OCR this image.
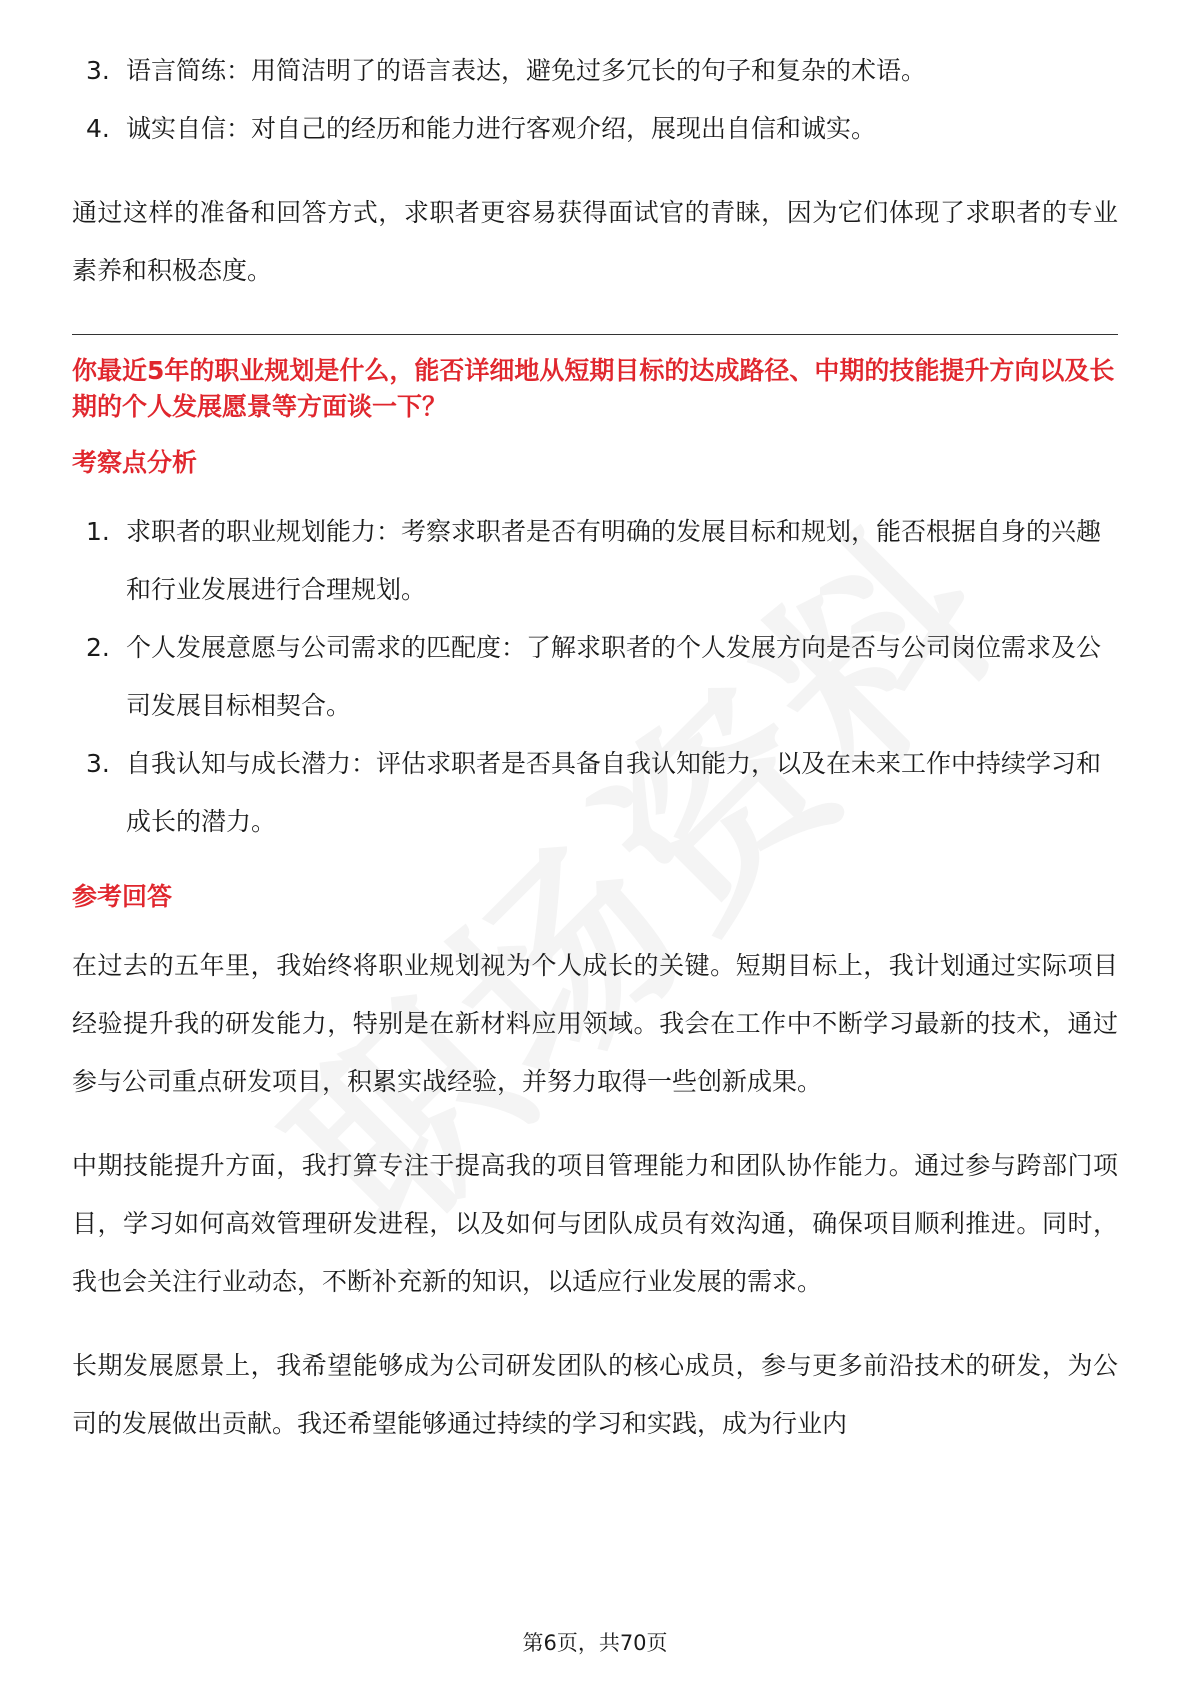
3. 语言简练：用简洁明了的语言表达，避免过多冗长的句子和复杂的术语。
4. 诚实自信：对自己的经历和能力进行客观介绍，展现出自信和诚实。

通过这样的准备和回答方式，求职者更容易获得面试官的青睐，因为它们体现了求职者的专业素养和积极态度。

你最近5年的职业规划是什么，能否详细地从短期目标的达成路径、中期的技能提升方向以及长期的个人发展愿景等方面谈一下？

考察点分析

1. 求职者的职业规划能力：考察求职者是否有明确的发展目标和规划，能否根据自身的兴趣和行业发展进行合理规划。
2. 个人发展意愿与公司需求的匹配度：了解求职者的个人发展方向是否与公司岗位需求及公司发展目标相契合。
3. 自我认知与成长潜力：评估求职者是否具备自我认知能力，以及在未来工作中持续学习和成长的潜力。

参考回答

在过去的五年里，我始终将职业规划视为个人成长的关键。短期目标上，我计划通过实际项目经验提升我的研发能力，特别是在新材料应用领域。我会在工作中不断学习最新的技术，通过参与公司重点研发项目，积累实战经验，并努力取得一些创新成果。

中期技能提升方面，我打算专注于提高我的项目管理能力和团队协作能力。通过参与跨部门项目，学习如何高效管理研发进程，以及如何与团队成员有效沟通，确保项目顺利推进。同时，我也会关注行业动态，不断补充新的知识，以适应行业发展的需求。

长期发展愿景上，我希望能够成为公司研发团队的核心成员，参与更多前沿技术的研发，为公司的发展做出贡献。我还希望能够通过持续的学习和实践，成为行业内

第6页，共70页
